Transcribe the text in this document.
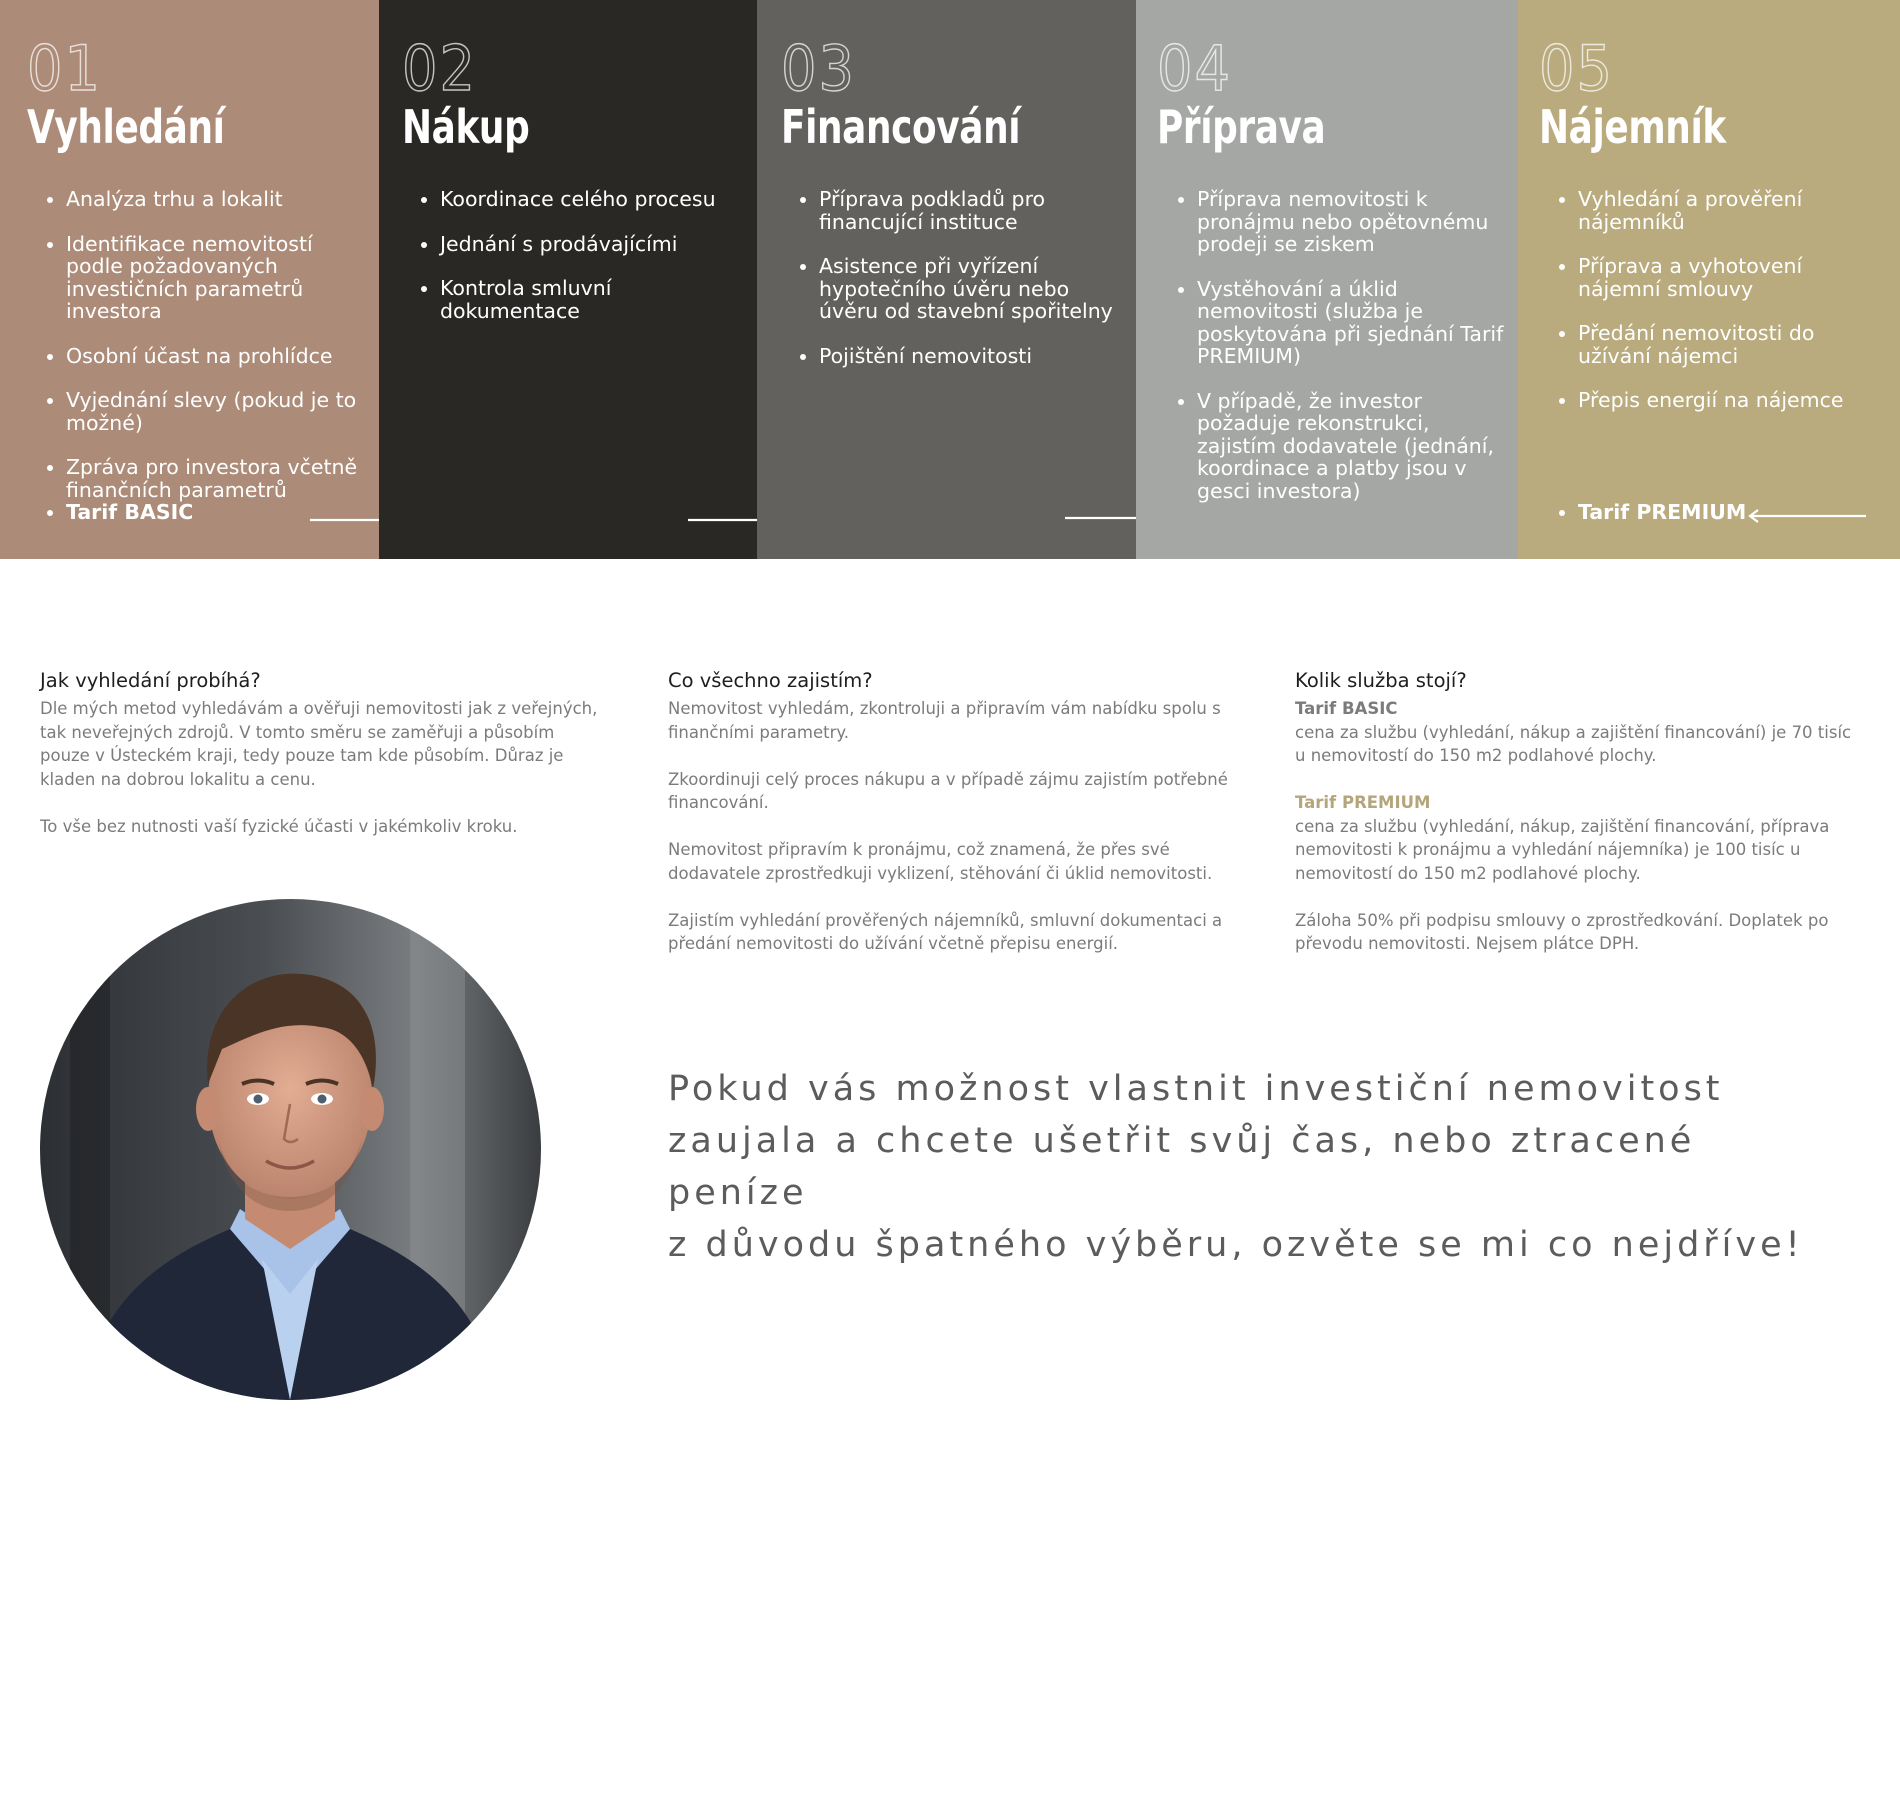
01
Vyhledání
• Analýza trhu a lokalit
• Identifikace nemovitostí podle požadovaných investičních parametrů investora
• Osobní účast na prohlídce
• Vyjednání slevy (pokud je to možné)
• Zpráva pro investora včetně finančních parametrů
Tarif BASIC
02
Nákup
• Koordinace celého procesu
• Jednání s prodávajícími
• Kontrola smluvní dokumentace
03
Financování
• Příprava podkladů pro financující instituce
• Asistence při vyřízení hypotečního úvěru nebo úvěru od stavební spořitelny
• Pojištění nemovitosti
04
Příprava
• Příprava nemovitosti k pronájmu nebo opětovnému prodeji se ziskem
• Vystěhování a úklid nemovitosti (služba je poskytována při sjednání Tarif PREMIUM)
• V případě, že investor požaduje rekonstrukci, zajistím dodavatele (jednání, koordinace a platby jsou v gesci investora)
05
Nájemník
• Vyhledání a prověření nájemníků
• Příprava a vyhotovení nájemní smlouvy
• Předání nemovitosti do užívání nájemci
• Přepis energií na nájemce
Tarif PREMIUM
Jak vyhledání probíhá?

Dle mých metod vyhledávám a ověřuji nemovitosti jak z veřejných, tak neveřejných zdrojů. V tomto směru se zaměřuji a působím pouze v Ústeckém kraji, tedy pouze tam kde působím. Důraz je kladen na dobrou lokalitu a cenu.

To vše bez nutnosti vaší fyzické účasti v jakémkoliv kroku.

Co všechno zajistím?

Nemovitost vyhledám, zkontroluji a připravím vám nabídku spolu s finančními parametry.

Zkoordinuji celý proces nákupu a v případě zájmu zajistím potřebné financování.

Nemovitost připravím k pronájmu, což znamená, že přes své dodavatele zprostředkuji vyklizení, stěhování či úklid nemovitosti.

Zajistím vyhledání prověřených nájemníků, smluvní dokumentaci a předání nemovitosti do užívání včetně přepisu energií.

Kolik služba stojí?

Tarif BASIC
cena za službu (vyhledání, nákup a zajištění financování) je 70 tisíc u nemovitostí do 150 m2 podlahové plochy.

Tarif PREMIUM
cena za službu (vyhledání, nákup, zajištění financování, příprava nemovitosti k pronájmu a vyhledání nájemníka) je 100 tisíc u nemovitostí do 150 m2 podlahové plochy.

Záloha 50% při podpisu smlouvy o zprostředkování. Doplatek po převodu nemovitosti. Nejsem plátce DPH.

Pokud vás možnost vlastnit investiční nemovitost
zaujala a chcete ušetřit svůj čas, nebo ztracené peníze
z důvodu špatného výběru, ozvěte se mi co nejdříve!
